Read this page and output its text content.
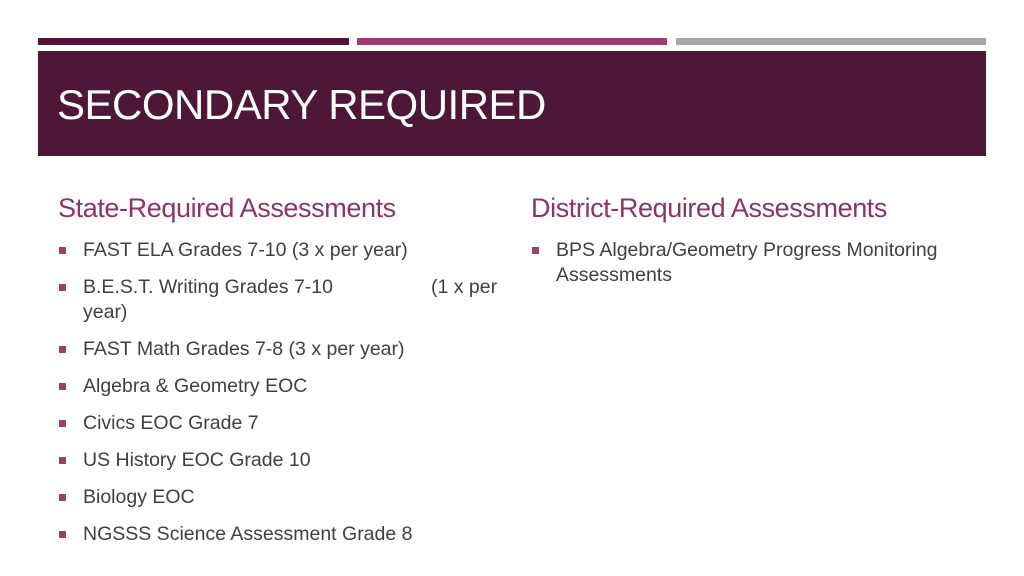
SECONDARY REQUIRED
State-Required Assessments
FAST ELA Grades 7-10 (3 x per year)
B.E.S.T. Writing Grades 7-10	(1 x per year)
FAST Math Grades 7-8 (3 x per year)
Algebra & Geometry EOC
Civics EOC Grade 7
US History EOC Grade 10
Biology EOC
NGSSS Science Assessment Grade 8
District-Required Assessments
BPS Algebra/Geometry Progress Monitoring Assessments
